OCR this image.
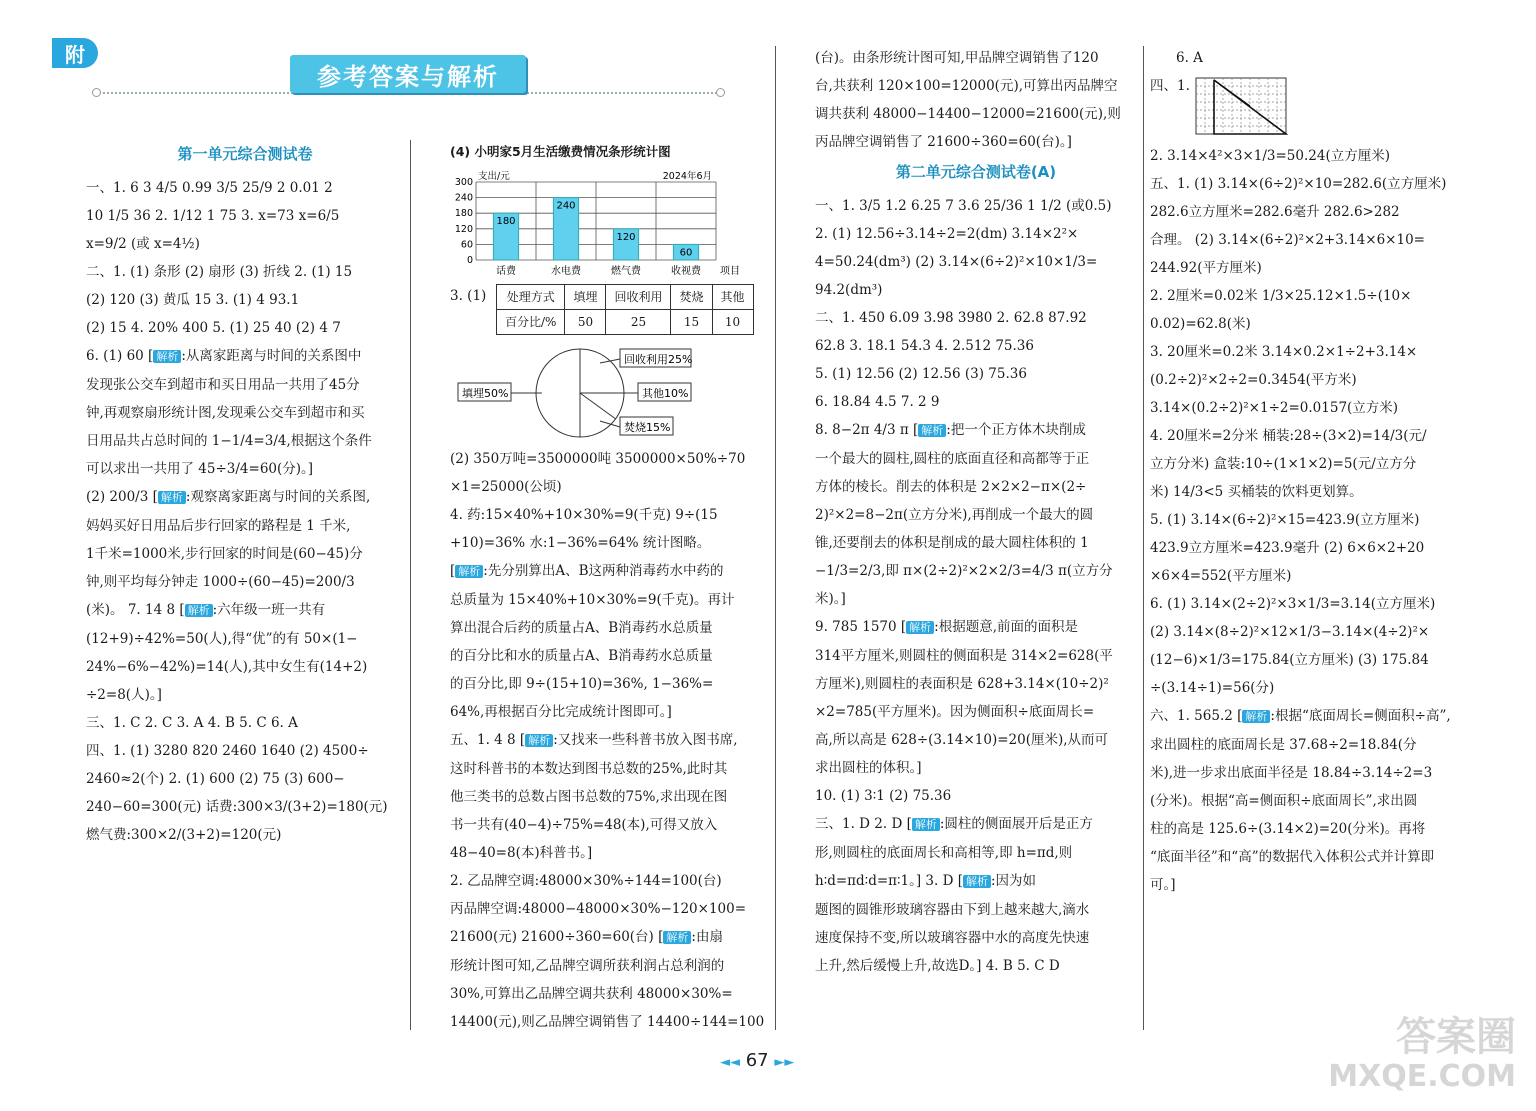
附
参考答案与解析
第一单元综合测试卷

一、1. 6 3 4/5 0.99 3/5 25/9 2 0.01 2

10 1/5 36 2. 1/12 1 75 3. x=73 x=6/5

x=9/2 (或 x=4½)

二、1. (1) 条形 (2) 扇形 (3) 折线 2. (1) 15

(2) 120 (3) 黄瓜 15 3. (1) 4 93.1

(2) 15 4. 20% 400 5. (1) 25 40 (2) 4 7

6. (1) 60 [ 解析 :从离家距离与时间的关系图中

发现张公交车到超市和买日用品一共用了45分

钟,再观察扇形统计图,发现乘公交车到超市和买

日用品共占总时间的 1−1/4=3/4,根据这个条件

可以求出一共用了 45÷3/4=60(分)。]

(2) 200/3 [ 解析 :观察离家距离与时间的关系图,

妈妈买好日用品后步行回家的路程是 1 千米,

1千米=1000米,步行回家的时间是(60−45)分

钟,则平均每分钟走 1000÷(60−45)=200/3

(米)。 7. 14 8 [ 解析 :六年级一班一共有

(12+9)÷42%=50(人),得“优”的有 50×(1−

24%−6%−42%)=14(人),其中女生有(14+2)

÷2=8(人)。]

三、1. C 2. C 3. A 4. B 5. C 6. A

四、1. (1) 3280 820 2460 1640 (2) 4500÷

2460≈2(个) 2. (1) 600 (2) 75 (3) 600−

240−60=300(元) 话费:300×3/(3+2)=180(元)

燃气费:300×2/(3+2)=120(元)

(4) 小明家5月生活缴费情况条形统计图

0
60
120
180
240
300
180
话费
240
水电费
120
燃气费
60
收视费
支出/元	2024年6月
项目

3. (1)	处理方式	填埋	回收利用	焚烧	其他
百分比/%	50	25	15	10
回收利用25%
其他10%
焚烧15%
填埋50%

(2) 350万吨=3500000吨 3500000×50%÷70

×1=25000(公顷)

4. 药:15×40%+10×30%=9(千克) 9÷(15

+10)=36% 水:1−36%=64% 统计图略。

[ 解析 :先分别算出A、B这两种消毒药水中药的

总质量为 15×40%+10×30%=9(千克)。再计

算出混合后药的质量占A、B消毒药水总质量

的百分比和水的质量占A、B消毒药水总质量

的百分比,即 9÷(15+10)=36%, 1−36%=

64%,再根据百分比完成统计图即可。]

五、1. 4 8 [ 解析 :又找来一些科普书放入图书席,

这时科普书的本数达到图书总数的25%,此时其

他三类书的总数占图书总数的75%,求出现在图

书一共有(40−4)÷75%=48(本),可得又放入

48−40=8(本)科普书。]

2. 乙品牌空调:48000×30%÷144=100(台)

丙品牌空调:48000−48000×30%−120×100=

21600(元) 21600÷360=60(台) [ 解析 :由扇

形统计图可知,乙品牌空调所获利润占总利润的

30%,可算出乙品牌空调共获利 48000×30%=

14400(元),则乙品牌空调销售了 14400÷144=100

(台)。由条形统计图可知,甲品牌空调销售了120

台,共获利 120×100=12000(元),可算出丙品牌空

调共获利 48000−14400−12000=21600(元),则

丙品牌空调销售了 21600÷360=60(台)。]

第二单元综合测试卷(A)

一、1. 3/5 1.2 6.25 7 3.6 25/36 1 1/2 (或0.5)

2. (1) 12.56÷3.14÷2=2(dm) 3.14×2²×

4=50.24(dm³) (2) 3.14×(6÷2)²×10×1/3=

94.2(dm³)

二、1. 450 6.09 3.98 3980 2. 62.8 87.92

62.8 3. 18.1 54.3 4. 2.512 75.36

5. (1) 12.56 (2) 12.56 (3) 75.36

6. 18.84 4.5 7. 2 9

8. 8−2π 4/3 π [ 解析 :把一个正方体木块削成

一个最大的圆柱,圆柱的底面直径和高都等于正

方体的棱长。削去的体积是 2×2×2−π×(2÷

2)²×2=8−2π(立方分米),再削成一个最大的圆

锥,还要削去的体积是削成的最大圆柱体积的 1

−1/3=2/3,即 π×(2÷2)²×2×2/3=4/3 π(立方分

米)。]

9. 785 1570 [ 解析 :根据题意,前面的面积是

314平方厘米,则圆柱的侧面积是 314×2=628(平

方厘米),则圆柱的表面积是 628+3.14×(10÷2)²

×2=785(平方厘米)。因为侧面积÷底面周长=

高,所以高是 628÷(3.14×10)=20(厘米),从而可

求出圆柱的体积。]

10. (1) 3∶1 (2) 75.36

三、1. D 2. D [ 解析 :圆柱的侧面展开后是正方

形,则圆柱的底面周长和高相等,即 h=πd,则

h∶d=πd∶d=π∶1。] 3. D [ 解析 :因为如

题图的圆锥形玻璃容器由下到上越来越大,滴水

速度保持不变,所以玻璃容器中水的高度先快速

上升,然后缓慢上升,故选D。] 4. B 5. C D

6. A

四、1.

2. 3.14×4²×3×1/3=50.24(立方厘米)

五、1. (1) 3.14×(6÷2)²×10=282.6(立方厘米)

282.6立方厘米=282.6毫升 282.6>282

合理。 (2) 3.14×(6÷2)²×2+3.14×6×10=

244.92(平方厘米)

2. 2厘米=0.02米 1/3×25.12×1.5÷(10×

0.02)=62.8(米)

3. 20厘米=0.2米 3.14×0.2×1÷2+3.14×

(0.2÷2)²×2÷2=0.3454(平方米)

3.14×(0.2÷2)²×1÷2=0.0157(立方米)

4. 20厘米=2分米 桶装:28÷(3×2)=14/3(元/

立方分米) 盒装:10÷(1×1×2)=5(元/立方分

米) 14/3<5 买桶装的饮料更划算。

5. (1) 3.14×(6÷2)²×15=423.9(立方厘米)

423.9立方厘米=423.9毫升 (2) 6×6×2+20

×6×4=552(平方厘米)

6. (1) 3.14×(2÷2)²×3×1/3=3.14(立方厘米)

(2) 3.14×(8÷2)²×12×1/3−3.14×(4÷2)²×

(12−6)×1/3=175.84(立方厘米) (3) 175.84

÷(3.14÷1)=56(分)

六、1. 565.2 [ 解析 :根据“底面周长=侧面积÷高”,

求出圆柱的底面周长是 37.68÷2=18.84(分

米),进一步求出底面半径是 18.84÷3.14÷2=3

(分米)。根据“高=侧面积÷底面周长”,求出圆

柱的高是 125.6÷(3.14×2)=20(分米)。再将

“底面半径”和“高”的数据代入体积公式并计算即

可。]

◄◄ 67 ►►
答案圈
MXQE.COM
